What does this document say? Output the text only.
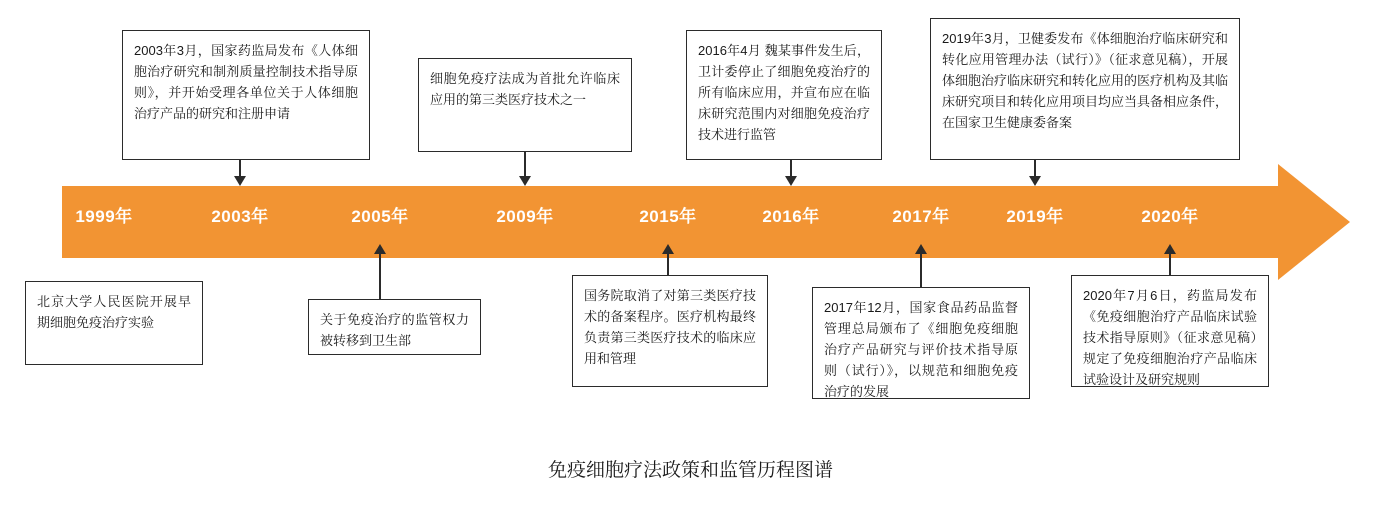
2003年3月，国家药监局发布《人体细胞治疗研究和制剂质量控制技术指导原则》，并开始受理各单位关于人体细胞治疗产品的研究和注册申请
细胞免疫疗法成为首批允许临床应用的第三类医疗技术之一
2016年4月 魏某事件发生后，卫计委停止了细胞免疫治疗的所有临床应用，并宣布应在临床研究范围内对细胞免疫治疗技术进行监管
2019年3月，卫健委发布《体细胞治疗临床研究和转化应用管理办法（试行）》（征求意见稿），开展体细胞治疗临床研究和转化应用的医疗机构及其临床研究项目和转化应用项目均应当具备相应条件，在国家卫生健康委备案
1999年	2003年	2005年	2009年	2015年	2016年	2017年	2019年	2020年
北京大学人民医院开展早期细胞免疫治疗实验	关于免疫治疗的监管权力被转移到卫生部
国务院取消了对第三类医疗技术的备案程序。医疗机构最终负责第三类医疗技术的临床应用和管理
2017年12月，国家食品药品监督管理总局颁布了《细胞免疫细胞治疗产品研究与评价技术指导原则（试行）》，以规范和细胞免疫治疗的发展
2020年7月6日，药监局发布《免疫细胞治疗产品临床试验技术指导原则》（征求意见稿）规定了免疫细胞治疗产品临床试验设计及研究规则
免疫细胞疗法政策和监管历程图谱
